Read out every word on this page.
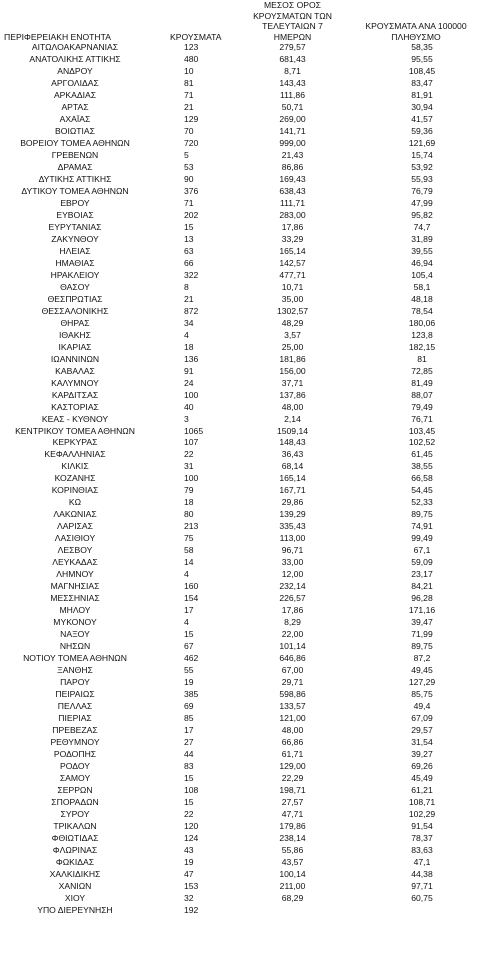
ΠΕΡΙΦΕΡΕΙΑΚΗ ΕΝΟΤΗΤΑ	ΚΡΟΥΣΜΑΤΑ	ΜΕΣΟΣ ΟΡΟΣ ΚΡΟΥΣΜΑΤΩΝ ΤΩΝ ΤΕΛΕΥΤΑΙΩΝ 7 ΗΜΕΡΩΝ	ΚΡΟΥΣΜΑΤΑ ΑΝΑ 100000 ΠΛΗΘΥΣΜΟ

ΑΙΤΩΛΟΑΚΑΡΝΑΝΙΑΣ	123	279,57	58,35
ΑΝΑΤΟΛΙΚΗΣ ΑΤΤΙΚΗΣ	480	681,43	95,55
ΑΝΔΡΟΥ	10	8,71	108,45
ΑΡΓΟΛΙΔΑΣ	81	143,43	83,47
ΑΡΚΑΔΙΑΣ	71	111,86	81,91
ΑΡΤΑΣ	21	50,71	30,94
ΑΧΑΪΑΣ	129	269,00	41,57
ΒΟΙΩΤΙΑΣ	70	141,71	59,36
ΒΟΡΕΙΟΥ ΤΟΜΕΑ ΑΘΗΝΩΝ	720	999,00	121,69
ΓΡΕΒΕΝΩΝ	5	21,43	15,74
ΔΡΑΜΑΣ	53	86,86	53,92
ΔΥΤΙΚΗΣ ΑΤΤΙΚΗΣ	90	169,43	55,93
ΔΥΤΙΚΟΥ ΤΟΜΕΑ ΑΘΗΝΩΝ	376	638,43	76,79
ΕΒΡΟΥ	71	111,71	47,99
ΕΥΒΟΙΑΣ	202	283,00	95,82
ΕΥΡΥΤΑΝΙΑΣ	15	17,86	74,7
ΖΑΚΥΝΘΟΥ	13	33,29	31,89
ΗΛΕΙΑΣ	63	165,14	39,55
ΗΜΑΘΙΑΣ	66	142,57	46,94
ΗΡΑΚΛΕΙΟΥ	322	477,71	105,4
ΘΑΣΟΥ	8	10,71	58,1
ΘΕΣΠΡΩΤΙΑΣ	21	35,00	48,18
ΘΕΣΣΑΛΟΝΙΚΗΣ	872	1302,57	78,54
ΘΗΡΑΣ	34	48,29	180,06
ΙΘΑΚΗΣ	4	3,57	123,8
ΙΚΑΡΙΑΣ	18	25,00	182,15
ΙΩΑΝΝΙΝΩΝ	136	181,86	81
ΚΑΒΑΛΑΣ	91	156,00	72,85
ΚΑΛΥΜΝΟΥ	24	37,71	81,49
ΚΑΡΔΙΤΣΑΣ	100	137,86	88,07
ΚΑΣΤΟΡΙΑΣ	40	48,00	79,49
ΚΕΑΣ - ΚΥΘΝΟΥ	3	2,14	76,71
ΚΕΝΤΡΙΚΟΥ ΤΟΜΕΑ ΑΘΗΝΩΝ	1065	1509,14	103,45
ΚΕΡΚΥΡΑΣ	107	148,43	102,52
ΚΕΦΑΛΛΗΝΙΑΣ	22	36,43	61,45
ΚΙΛΚΙΣ	31	68,14	38,55
ΚΟΖΑΝΗΣ	100	165,14	66,58
ΚΟΡΙΝΘΙΑΣ	79	167,71	54,45
ΚΩ	18	29,86	52,33
ΛΑΚΩΝΙΑΣ	80	139,29	89,75
ΛΑΡΙΣΑΣ	213	335,43	74,91
ΛΑΣΙΘΙΟΥ	75	113,00	99,49
ΛΕΣΒΟΥ	58	96,71	67,1
ΛΕΥΚΑΔΑΣ	14	33,00	59,09
ΛΗΜΝΟΥ	4	12,00	23,17
ΜΑΓΝΗΣΙΑΣ	160	232,14	84,21
ΜΕΣΣΗΝΙΑΣ	154	226,57	96,28
ΜΗΛΟΥ	17	17,86	171,16
ΜΥΚΟΝΟΥ	4	8,29	39,47
ΝΑΞΟΥ	15	22,00	71,99
ΝΗΣΩΝ	67	101,14	89,75
ΝΟΤΙΟΥ ΤΟΜΕΑ ΑΘΗΝΩΝ	462	646,86	87,2
ΞΑΝΘΗΣ	55	67,00	49,45
ΠΑΡΟΥ	19	29,71	127,29
ΠΕΙΡΑΙΩΣ	385	598,86	85,75
ΠΕΛΛΑΣ	69	133,57	49,4
ΠΙΕΡΙΑΣ	85	121,00	67,09
ΠΡΕΒΕΖΑΣ	17	48,00	29,57
ΡΕΘΥΜΝΟΥ	27	66,86	31,54
ΡΟΔΟΠΗΣ	44	61,71	39,27
ΡΟΔΟΥ	83	129,00	69,26
ΣΑΜΟΥ	15	22,29	45,49
ΣΕΡΡΩΝ	108	198,71	61,21
ΣΠΟΡΑΔΩΝ	15	27,57	108,71
ΣΥΡΟΥ	22	47,71	102,29
ΤΡΙΚΑΛΩΝ	120	179,86	91,54
ΦΘΙΩΤΙΔΑΣ	124	238,14	78,37
ΦΛΩΡΙΝΑΣ	43	55,86	83,63
ΦΩΚΙΔΑΣ	19	43,57	47,1
ΧΑΛΚΙΔΙΚΗΣ	47	100,14	44,38
ΧΑΝΙΩΝ	153	211,00	97,71
ΧΙΟΥ	32	68,29	60,75
ΥΠΟ ΔΙΕΡΕΥΝΗΣΗ	192		
